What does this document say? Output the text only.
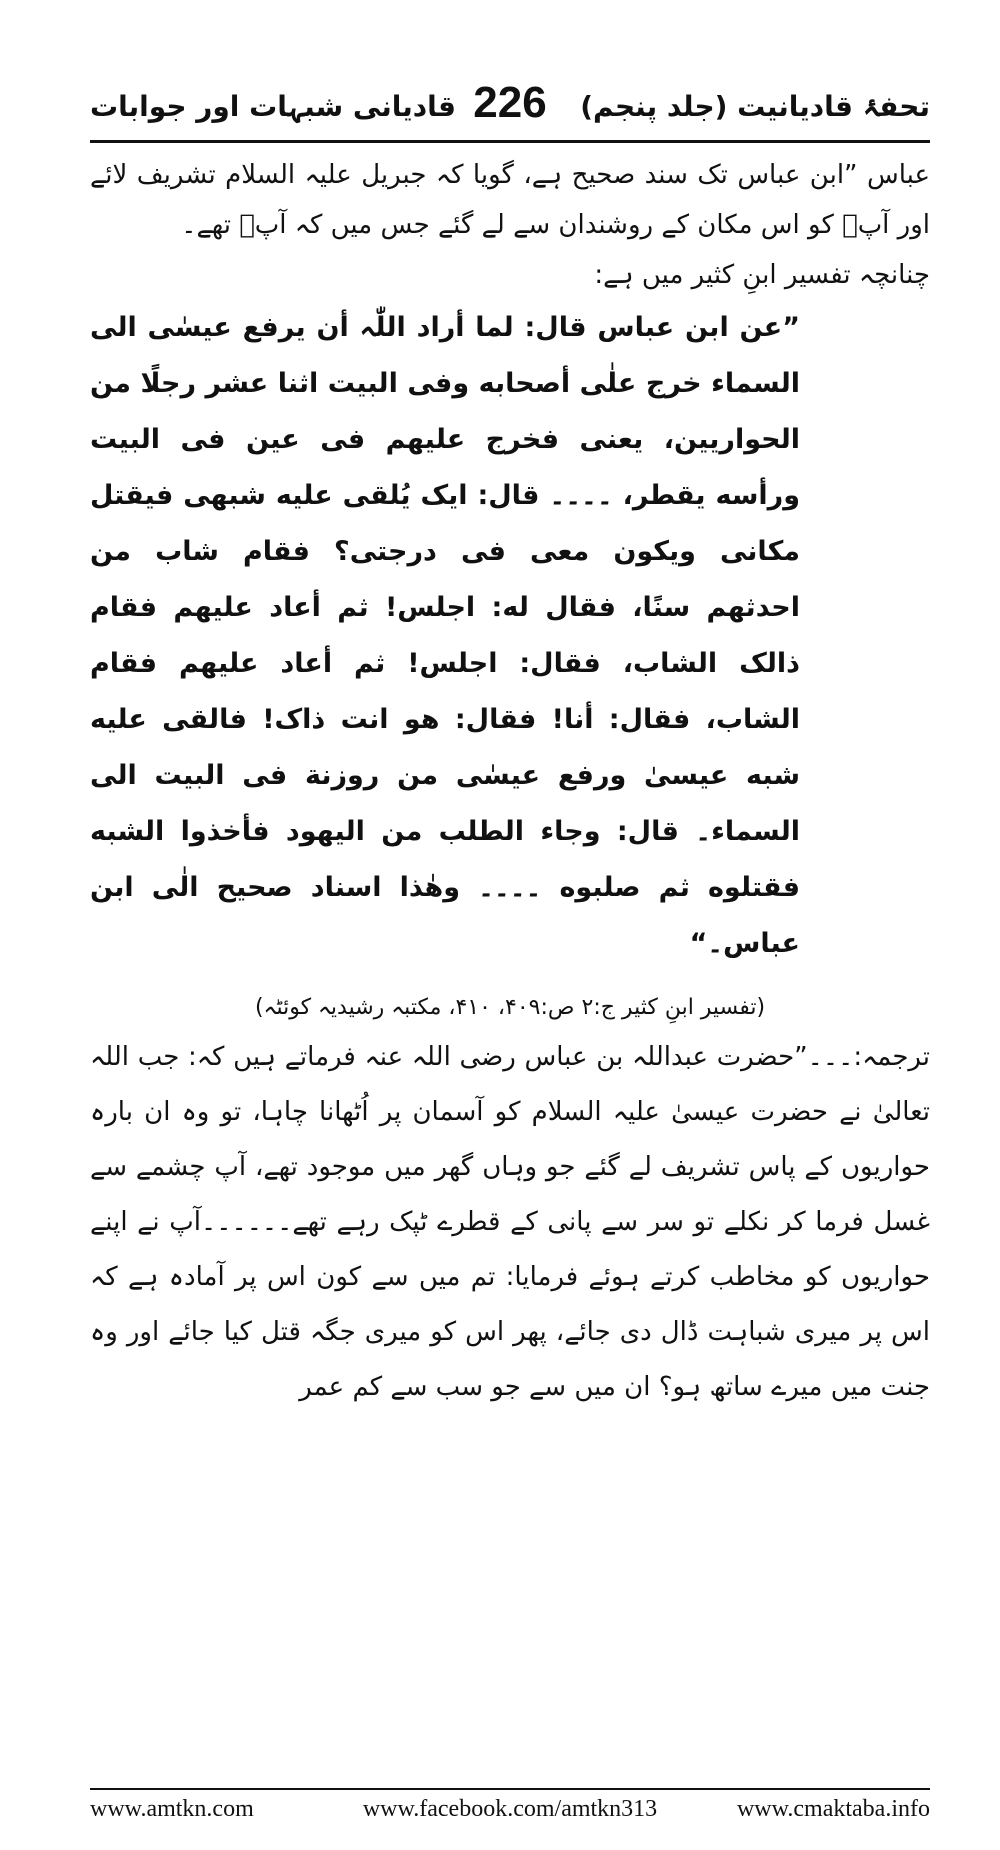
تحفۂ قادیانیت (جلد پنجم)
226
قادیانی شبہات اور جوابات

عباس ”ابن عباس تک سند صحیح ہے، گویا کہ جبریل علیہ السلام تشریف لائے اور آپؑ کو اس مکان کے روشندان سے لے گئے جس میں کہ آپؑ تھے۔

چنانچہ تفسیر ابنِ کثیر میں ہے:

”عن ابن عباس قال: لما أراد اللّٰہ أن یرفع عیسٰی الی السماء خرج علٰی أصحابه وفی البیت اثنا عشر رجلًا من الحواریین، یعنی فخرج علیهم فی عین فی البیت ورأسه یقطر، ۔۔۔۔ قال: ایک یُلقی علیه شبهی فیقتل مکانی ویکون معی فی درجتی؟ فقام شاب من احدثهم سنًا، فقال له: اجلس! ثم أعاد علیهم فقام ذالک الشاب، فقال: اجلس! ثم أعاد علیهم فقام الشاب، فقال: أنا! فقال: هو انت ذاک! فالقی علیه شبه عیسیٰ ورفع عیسٰی من روزنة فی البیت الی السماء۔ قال: وجاء الطلب من الیهود فأخذوا الشبه فقتلوه ثم صلبوه ۔۔۔۔ وهٰذا اسناد صحیح الٰی ابن عباس۔“

(تفسیر ابنِ کثیر ج:۲ ص:۴۰۹، ۴۱۰، مکتبہ رشیدیہ کوئٹہ)

ترجمہ:۔۔۔”حضرت عبداللہ بن عباس رضی اللہ عنہ فرماتے ہیں کہ: جب اللہ تعالیٰ نے حضرت عیسیٰ علیہ السلام کو آسمان پر اُٹھانا چاہا، تو وہ ان بارہ حواریوں کے پاس تشریف لے گئے جو وہاں گھر میں موجود تھے، آپ چشمے سے غسل فرما کر نکلے تو سر سے پانی کے قطرے ٹپک رہے تھے۔۔۔۔۔۔آپ نے اپنے حواریوں کو مخاطب کرتے ہوئے فرمایا: تم میں سے کون اس پر آمادہ ہے کہ اس پر میری شباہت ڈال دی جائے، پھر اس کو میری جگہ قتل کیا جائے اور وہ جنت میں میرے ساتھ ہو؟ ان میں سے جو سب سے کم عمر

www.amtkn.com	www.facebook.com/amtkn313	www.cmaktaba.info
